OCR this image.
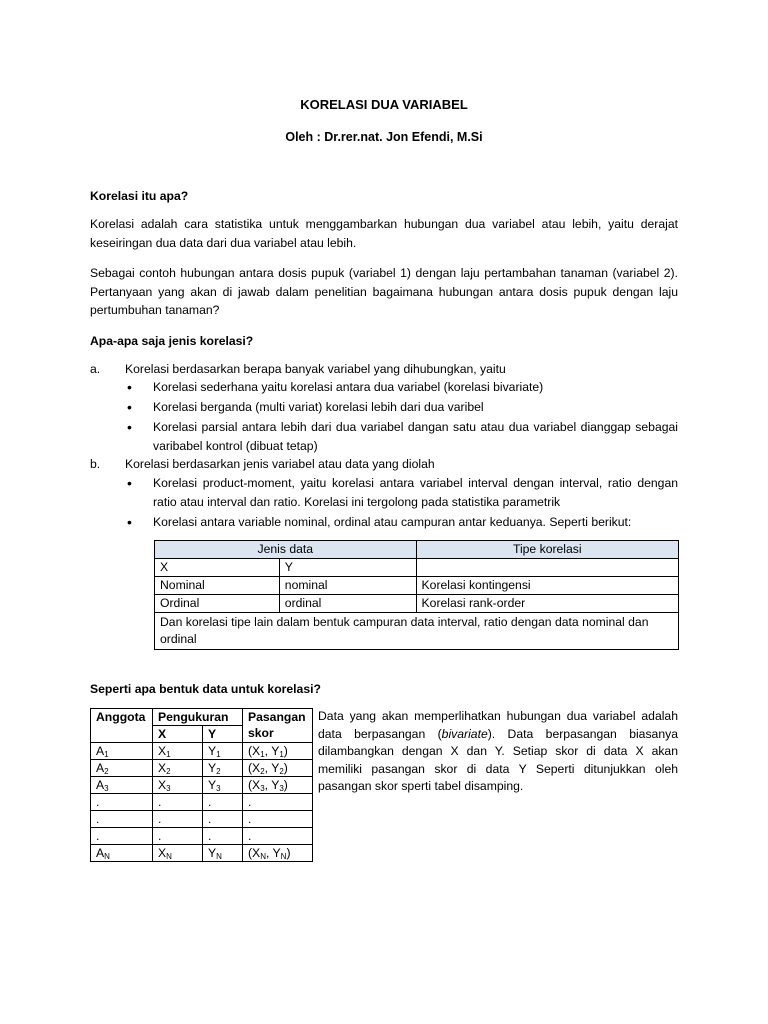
KORELASI DUA VARIABEL
Oleh : Dr.rer.nat. Jon Efendi, M.Si
Korelasi itu apa?
Korelasi adalah cara statistika untuk menggambarkan hubungan dua variabel atau lebih, yaitu derajat keseiringan dua data dari dua variabel atau lebih.
Sebagai contoh hubungan antara dosis pupuk (variabel 1) dengan laju pertambahan tanaman (variabel 2). Pertanyaan yang akan di jawab dalam penelitian bagaimana hubungan antara dosis pupuk dengan laju pertumbuhan tanaman?
Apa-apa saja jenis korelasi?
a. Korelasi berdasarkan berapa banyak variabel yang dihubungkan, yaitu
• Korelasi sederhana yaitu korelasi antara dua variabel (korelasi bivariate)
• Korelasi berganda (multi variat) korelasi lebih dari dua varibel
• Korelasi parsial antara lebih dari dua variabel dangan satu atau dua variabel dianggap sebagai varibabel kontrol (dibuat tetap)
b. Korelasi berdasarkan jenis variabel atau data yang diolah
• Korelasi product-moment, yaitu korelasi antara variabel interval dengan interval, ratio dengan ratio atau interval dan ratio. Korelasi ini tergolong pada statistika parametrik
• Korelasi antara variable nominal, ordinal atau campuran antar keduanya. Seperti berikut:
Jenis data		Tipe korelasi
X	Y	
Nominal	nominal	Korelasi kontingensi
Ordinal	ordinal	Korelasi rank-order
Dan korelasi tipe lain dalam bentuk campuran data interval, ratio dengan data nominal dan ordinal		
Seperti apa bentuk data untuk korelasi?
Anggota	Pengukuran		Pasangan skor
	X	Y	
$A_1$	$X_1$	$Y_1$	($X_1$, $Y_1$)
$A_2$	$X_2$	$Y_2$	($X_2$, $Y_2$)
$A_3$	$X_3$	$Y_3$	($X_3$, $Y_3$)
.	.	.	.
.	.	.	.
.	.	.	.
$A_N$	$X_N$	$Y_N$	($X_N$, $Y_N$)
Data yang akan memperlihatkan hubungan dua variabel adalah data berpasangan (bivariate). Data berpasangan biasanya dilambangkan dengan X dan Y. Setiap skor di data X akan memiliki pasangan skor di data Y Seperti ditunjukkan oleh pasangan skor sperti tabel disamping.
